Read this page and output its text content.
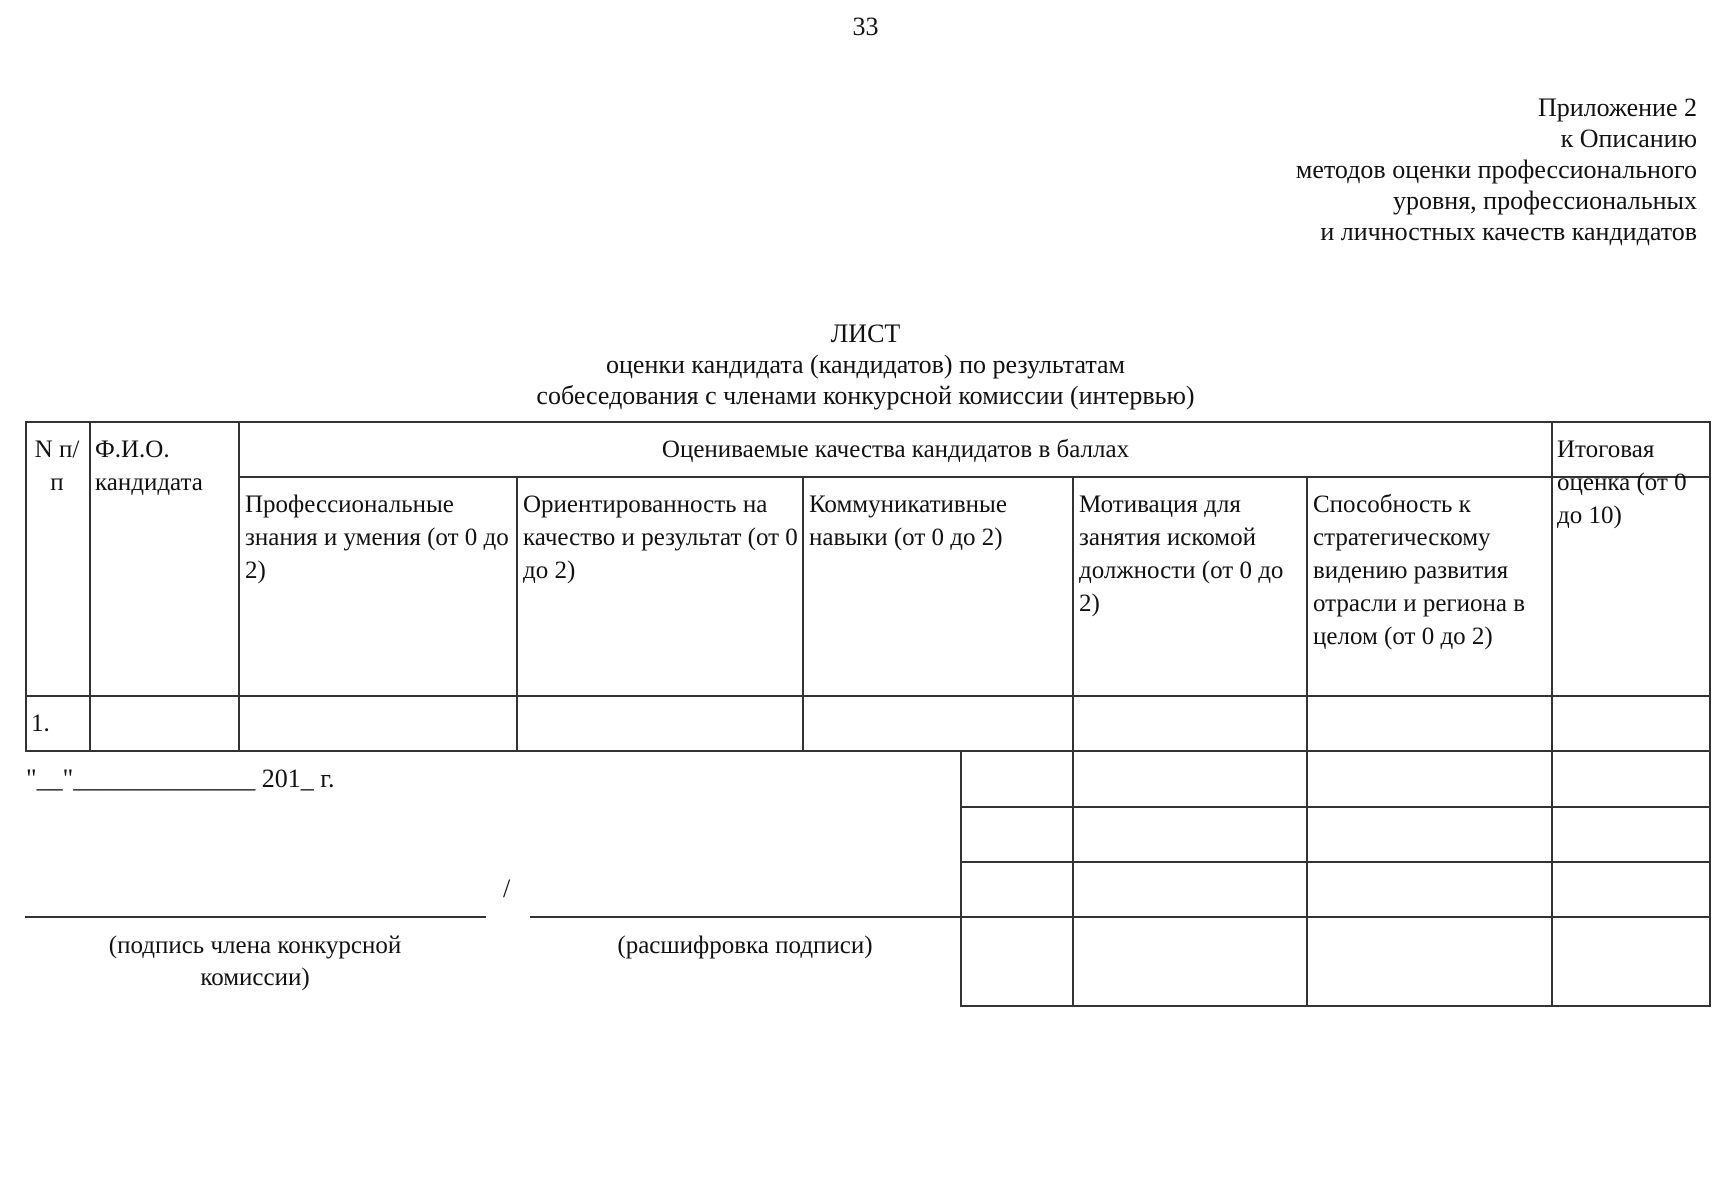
33
Приложение 2
к Описанию
методов оценки профессионального
уровня, профессиональных
и личностных качеств кандидатов
ЛИСТ
оценки кандидата (кандидатов) по результатам
собеседования с членами конкурсной комиссии (интервью)
N п/п
Ф.И.О. кандидата
Оцениваемые качества кандидатов в баллах	Итоговая оценка (от 0 до 10)
Профессиональные знания и умения (от 0 до 2)
Ориентированность на качество и результат (от 0 до 2)
Коммуникативные навыки (от 0 до 2)
Мотивация для занятия искомой должности (от 0 до 2)
Способность к стратегическому видению развития отрасли и региона в целом (от 0 до 2)
1.
"__"______________ 201_ г.
/
(подпись члена конкурсной комиссии)
(расшифровка подписи)
